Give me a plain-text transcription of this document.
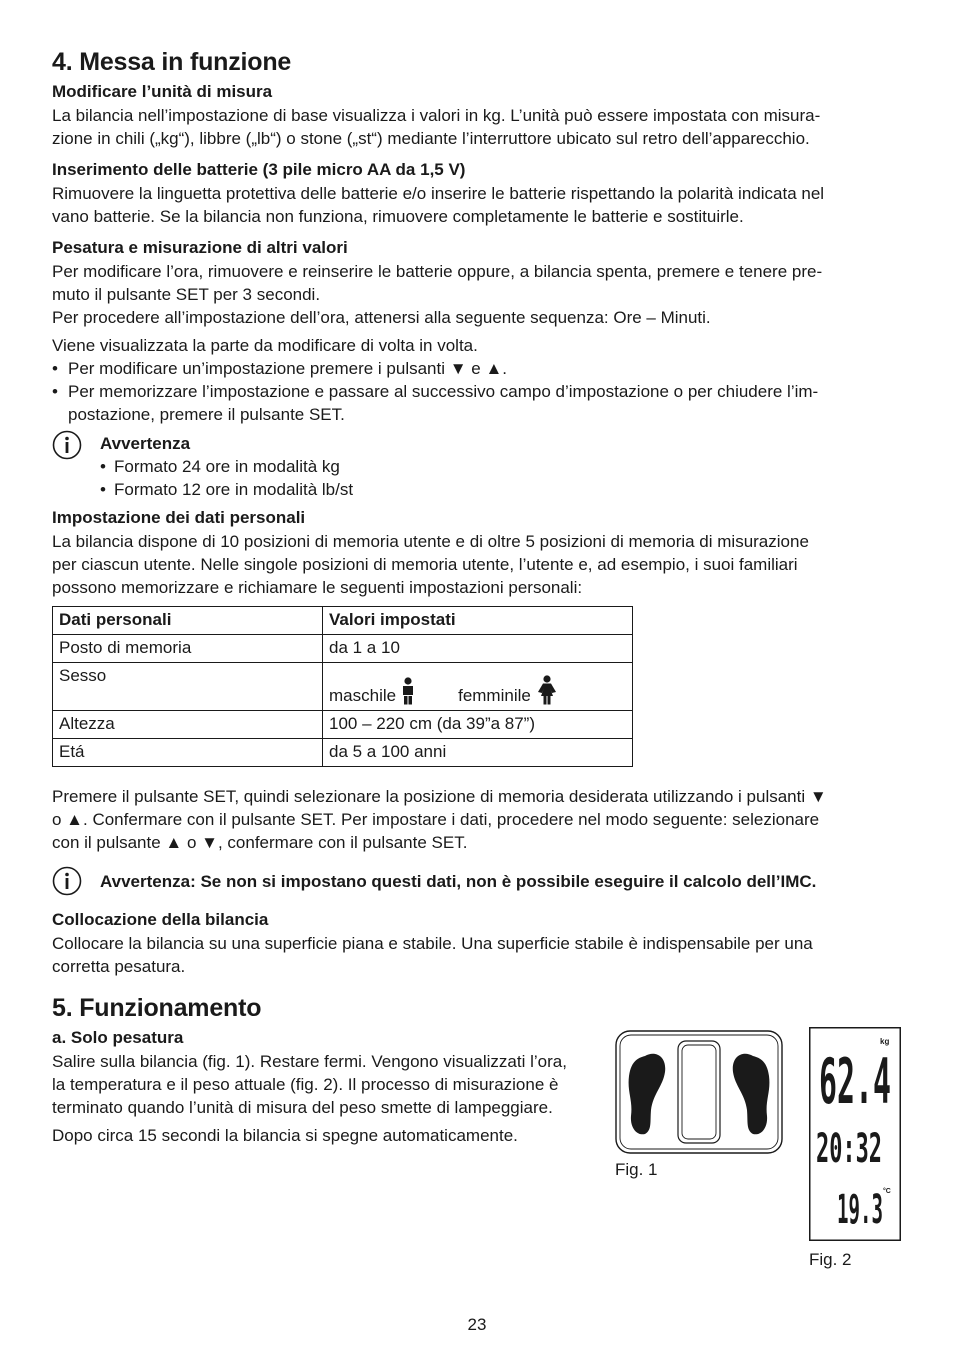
4. Messa in funzione
Modificare l’unità di misura

La bilancia nell’impostazione di base visualizza i valori in kg. L’unità può essere impostata con misura-

zione in chili („kg“), libbre („lb“) o stone („st“) mediante l’interruttore ubicato sul retro dell’apparecchio.

Inserimento delle batterie (3 pile micro AA da 1,5 V)

Rimuovere la linguetta protettiva delle batterie e/o inserire le batterie rispettando la polarità indicata nel

vano batterie. Se la bilancia non funziona, rimuovere completamente le batterie e sostituirle.

Pesatura e misurazione di altri valori

Per modificare l’ora, rimuovere e reinserire le batterie oppure, a bilancia spenta, premere e tenere pre-

muto il pulsante SET per 3 secondi.

Per procedere all’impostazione dell’ora, attenersi alla seguente sequenza: Ore – Minuti.

Viene visualizzata la parte da modificare di volta in volta.

• Per modificare un’impostazione premere i pulsanti ▼ e ▲.
• Per memorizzare l’impostazione e passare al successivo campo d’impostazione o per chiudere l’im-
postazione, premere il pulsante SET.
Avvertenza
• Formato 24 ore in modalità kg
• Formato 12 ore in modalità lb/st
Impostazione dei dati personali

La bilancia dispone di 10 posizioni di memoria utente e di oltre 5 posizioni di memoria di misurazione

per ciascun utente. Nelle singole posizioni di memoria utente, l’utente e, ad esempio, i suoi familiari

possono memorizzare e richiamare le seguenti impostazioni personali:

Dati personali	Valori impostati
Posto di memoria	da 1 a 10
Sesso	maschile femminile

Altezza	100 – 220 cm (da 39”a 87”)
Etá	da 5 a 100 anni

Premere il pulsante SET, quindi selezionare la posizione di memoria desiderata utilizzando i pulsanti ▼

o ▲. Confermare con il pulsante SET. Per impostare i dati, procedere nel modo seguente: selezionare

con il pulsante ▲ o ▼, confermare con il pulsante SET.

Avvertenza: Se non si impostano questi dati, non è possibile eseguire il calcolo dell’IMC.
Collocazione della bilancia

Collocare la bilancia su una superficie piana e stabile. Una superficie stabile è indispensabile per una

corretta pesatura.

5. Funzionamento
a. Solo pesatura

Salire sulla bilancia (fig. 1). Restare fermi. Vengono visualizzati l’ora,

la temperatura e il peso attuale (fig. 2). Il processo di misurazione è

terminato quando l’unità di misura del peso smette di lampeggiare.

Dopo circa 15 secondi la bilancia si spegne automaticamente.

Fig. 1
kg
62.4
20:32
19.3 °C
Fig. 2
23
